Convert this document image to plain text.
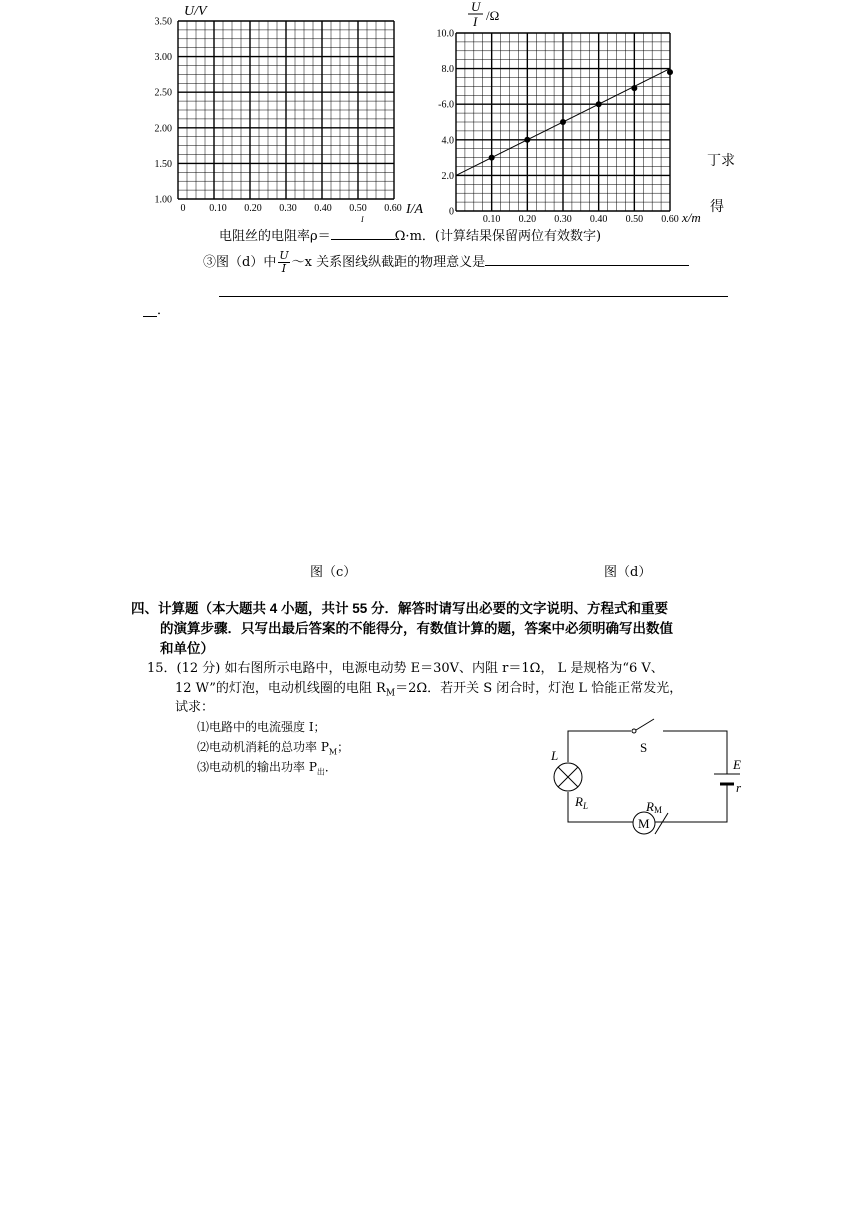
U/V
3.50
3.00
2.50
2.00
1.50
1.00
0 0.10 0.20 0.30 0.40 0.50 0.60 I/A
I
U
I /Ω
10.0
8.0
-6.0
4.0
2.0
0
0.10 0.20 0.30 0.40 0.50 0.60 x/m
丁求
得
电阻丝的电阻率ρ＝	Ω·m．(计算结果保留两位有效数字)
③图（d）中 $\frac{U}{I}$ ～x 关系图线纵截距的物理意义是
．
图（c）	图（d）
四、计算题（本大题共 4 小题，共计 55 分．解答时请写出必要的文字说明、方程式和重要
的演算步骤．只写出最后答案的不能得分，有数值计算的题，答案中必须明确写出数值
和单位）
15．(12 分) 如右图所示电路中，电源电动势 E＝30V、内阻 r＝1Ω， L 是规格为“6 V、
12 W”的灯泡，电动机线圈的电阻 $R_M=2\Omega$．若开关 S 闭合时，灯泡 L 恰能正常发光，
试求：
⑴电路中的电流强度 I；
⑵电动机消耗的总功率 $P_M$；
⑶电动机的输出功率 $P_出$．
S
L
$R_L$
E
r
M
RM
